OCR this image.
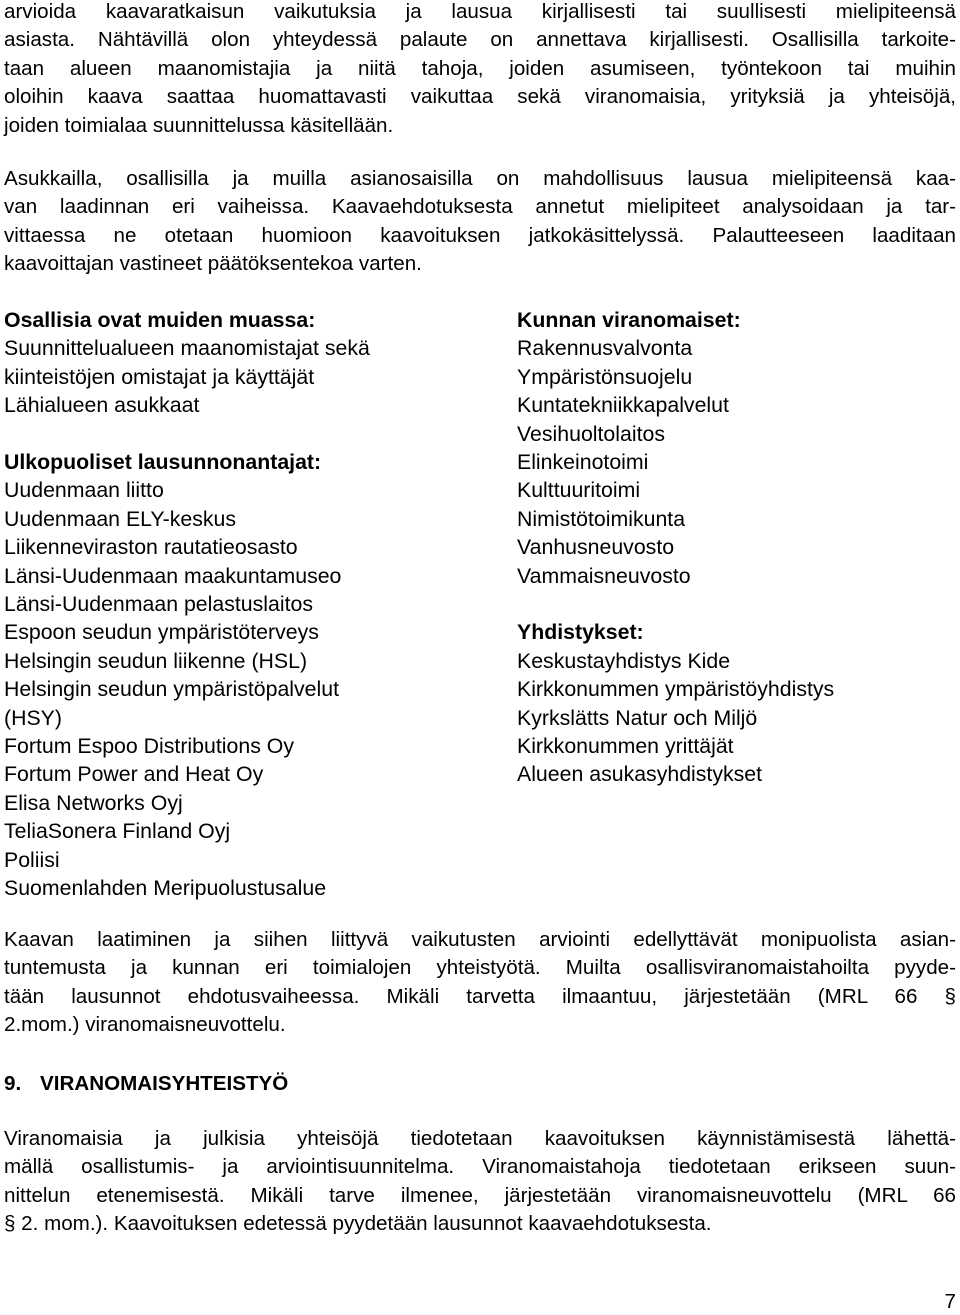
arvioida kaavaratkaisun vaikutuksia ja lausua kirjallisesti tai suullisesti mielipiteensä
asiasta. Nähtävillä olon yhteydessä palaute on annettava kirjallisesti. Osallisilla tarkoite-
taan alueen maanomistajia ja niitä tahoja, joiden asumiseen, työntekoon tai muihin
oloihin kaava saattaa huomattavasti vaikuttaa sekä viranomaisia, yrityksiä ja yhteisöjä,
joiden toimialaa suunnittelussa käsitellään.
Asukkailla, osallisilla ja muilla asianosaisilla on mahdollisuus lausua mielipiteensä kaa-
van laadinnan eri vaiheissa. Kaavaehdotuksesta annetut mielipiteet analysoidaan ja tar-
vittaessa ne otetaan huomioon kaavoituksen jatkokäsittelyssä. Palautteeseen laaditaan
kaavoittajan vastineet päätöksentekoa varten.
Osallisia ovat muiden muassa:
Suunnittelualueen maanomistajat sekä
kiinteistöjen omistajat ja käyttäjät
Lähialueen asukkaat
Ulkopuoliset lausunnonantajat:
Uudenmaan liitto
Uudenmaan ELY-keskus
Liikenneviraston rautatieosasto
Länsi-Uudenmaan maakuntamuseo
Länsi-Uudenmaan pelastuslaitos
Espoon seudun ympäristöterveys
Helsingin seudun liikenne (HSL)
Helsingin seudun ympäristöpalvelut
(HSY)
Fortum Espoo Distributions Oy
Fortum Power and Heat Oy
Elisa Networks Oyj
TeliaSonera Finland Oyj
Poliisi
Suomenlahden Meripuolustusalue
Kunnan viranomaiset:
Rakennusvalvonta
Ympäristönsuojelu
Kuntatekniikkapalvelut
Vesihuoltolaitos
Elinkeinotoimi
Kulttuuritoimi
Nimistötoimikunta
Vanhusneuvosto
Vammaisneuvosto
Yhdistykset:
Keskustayhdistys Kide
Kirkkonummen ympäristöyhdistys
Kyrkslätts Natur och Miljö
Kirkkonummen yrittäjät
Alueen asukasyhdistykset
Kaavan laatiminen ja siihen liittyvä vaikutusten arviointi edellyttävät monipuolista asian-
tuntemusta ja kunnan eri toimialojen yhteistyötä. Muilta osallisviranomaistahoilta pyyde-
tään lausunnot ehdotusvaiheessa. Mikäli tarvetta ilmaantuu, järjestetään (MRL 66 §
2.mom.) viranomaisneuvottelu.
9. VIRANOMAISYHTEISTYÖ
Viranomaisia ja julkisia yhteisöjä tiedotetaan kaavoituksen käynnistämisestä lähettä-
mällä osallistumis- ja arviointisuunnitelma. Viranomaistahoja tiedotetaan erikseen suun-
nittelun etenemisestä. Mikäli tarve ilmenee, järjestetään viranomaisneuvottelu (MRL 66
§ 2. mom.). Kaavoituksen edetessä pyydetään lausunnot kaavaehdotuksesta.
7
